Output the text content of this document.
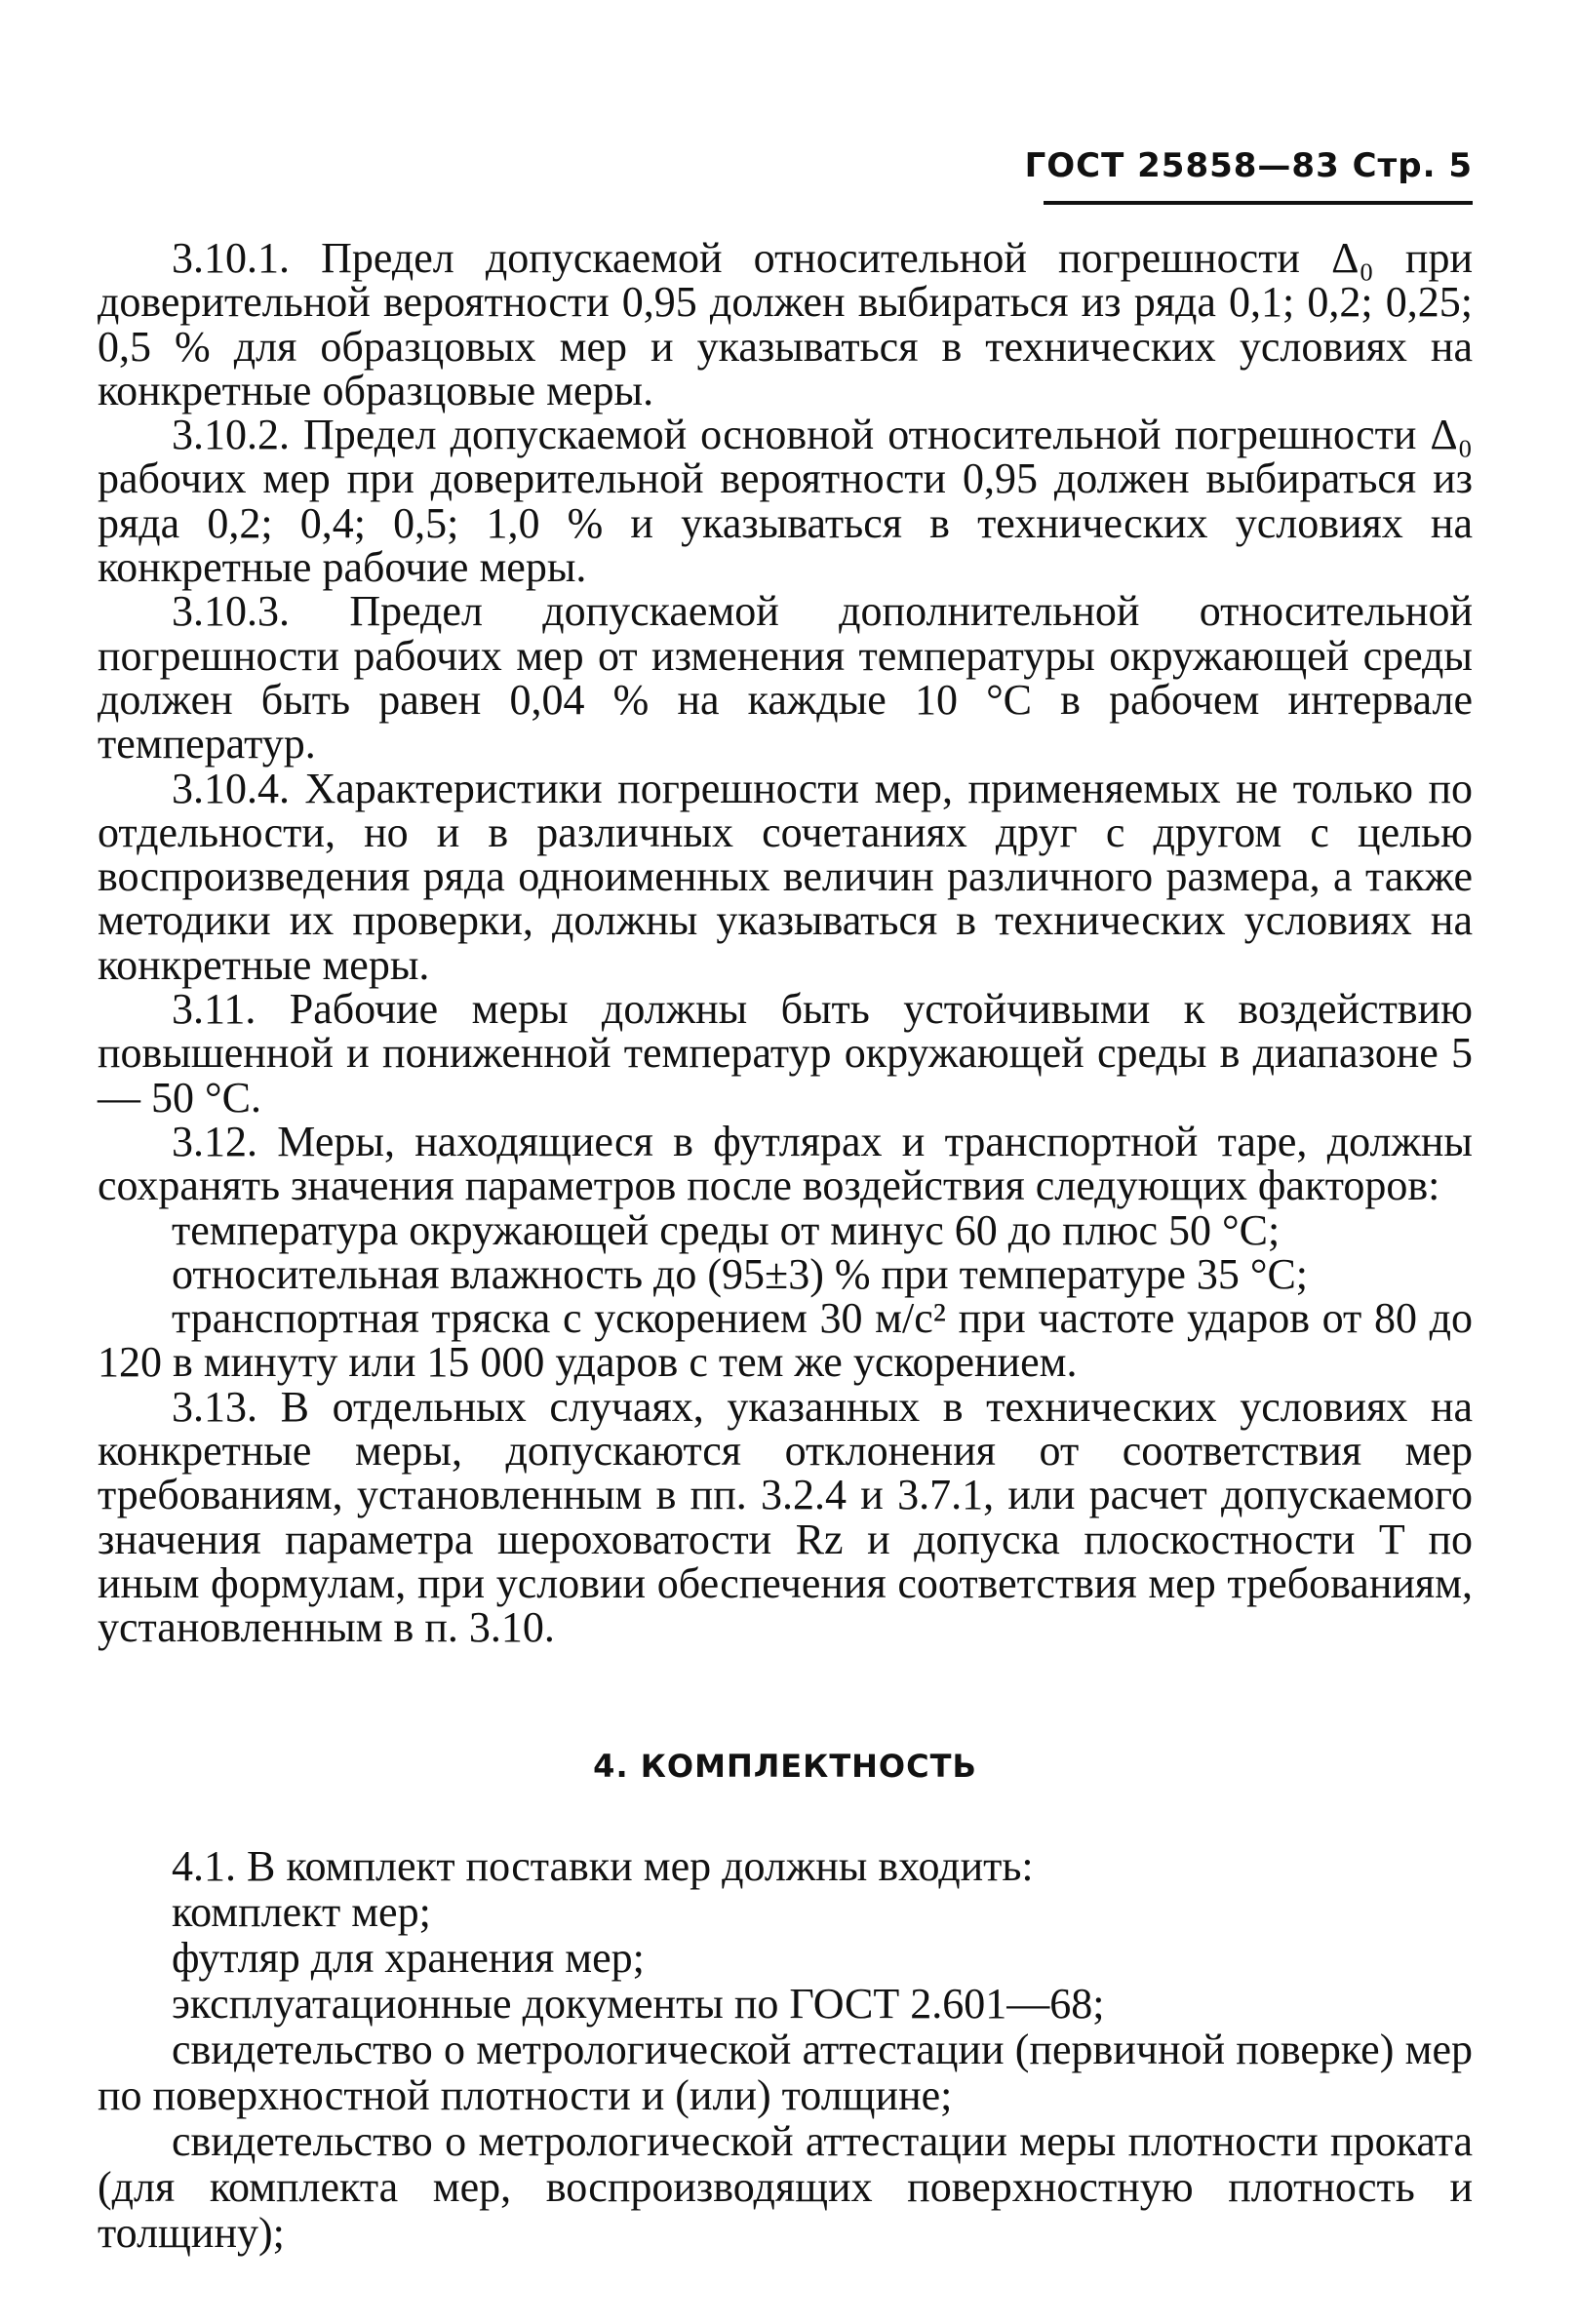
ГОСТ 25858—83 Стр. 5

3.10.1. Предел допускаемой относительной погрешности Δ₀ при доверительной вероятности 0,95 должен выбираться из ряда 0,1; 0,2; 0,25; 0,5 % для образцовых мер и указываться в технических условиях на конкретные образцовые меры.

3.10.2. Предел допускаемой основной относительной погрешности Δ₀ рабочих мер при доверительной вероятности 0,95 должен выбираться из ряда 0,2; 0,4; 0,5; 1,0 % и указываться в технических условиях на конкретные рабочие меры.

3.10.3. Предел допускаемой дополнительной относительной погрешности рабочих мер от изменения температуры окружающей среды должен быть равен 0,04 % на каждые 10 °С в рабочем интервале температур.

3.10.4. Характеристики погрешности мер, применяемых не только по отдельности, но и в различных сочетаниях друг с другом с целью воспроизведения ряда одноименных величин различного размера, а также методики их проверки, должны указываться в технических условиях на конкретные меры.

3.11. Рабочие меры должны быть устойчивыми к воздействию повышенной и пониженной температур окружающей среды в диапазоне 5 — 50 °С.

3.12. Меры, находящиеся в футлярах и транспортной таре, должны сохранять значения параметров после воздействия следующих факторов:

температура окружающей среды от минус 60 до плюс 50 °С;

относительная влажность до (95±3) % при температуре 35 °С;

транспортная тряска с ускорением 30 м/с² при частоте ударов от 80 до 120 в минуту или 15 000 ударов с тем же ускорением.

3.13. В отдельных случаях, указанных в технических условиях на конкретные меры, допускаются отклонения от соответствия мер требованиям, установленным в пп. 3.2.4 и 3.7.1, или расчет допускаемого значения параметра шероховатости Rz и допуска плоскостности T по иным формулам, при условии обеспечения соответствия мер требованиям, установленным в п. 3.10.

4. КОМПЛЕКТНОСТЬ

4.1. В комплект поставки мер должны входить:

комплект мер;

футляр для хранения мер;

эксплуатационные документы по ГОСТ 2.601—68;

свидетельство о метрологической аттестации (первичной поверке) мер по поверхностной плотности и (или) толщине;

свидетельство о метрологической аттестации меры плотности проката (для комплекта мер, воспроизводящих поверхностную плотность и толщину);
